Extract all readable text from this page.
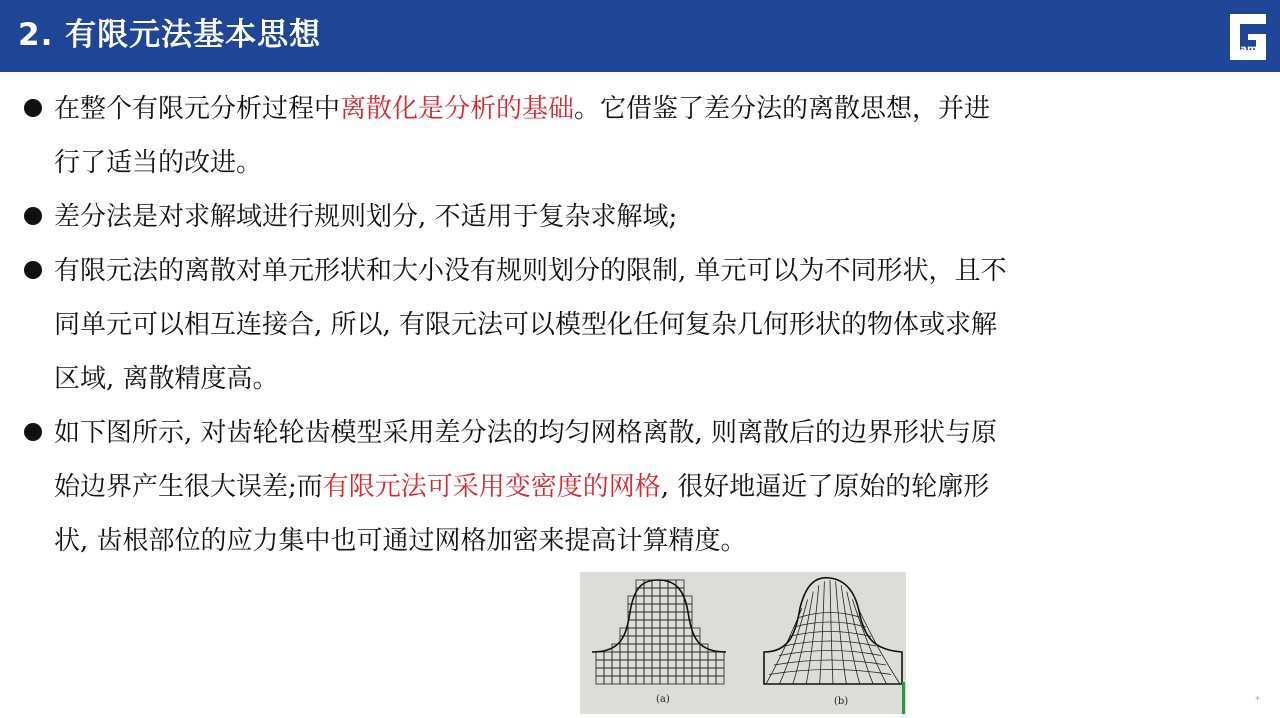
2. 有限元法基本思想	Game
在整个有限元分析过程中离散化是分析的基础。它借鉴了差分法的离散思想，并进
行了适当的改进。
差分法是对求解域进行规则划分, 不适用于复杂求解域;
有限元法的离散对单元形状和大小没有规则划分的限制, 单元可以为不同形状，且不
同单元可以相互连接合, 所以, 有限元法可以模型化任何复杂几何形状的物体或求解
区域, 离散精度高。
如下图所示, 对齿轮轮齿模型采用差分法的均匀网格离散, 则离散后的边界形状与原
始边界产生很大误差;而有限元法可采用变密度的网格, 很好地逼近了原始的轮廓形
状, 齿根部位的应力集中也可通过网格加密来提高计算精度。
(a)	(b)	*
